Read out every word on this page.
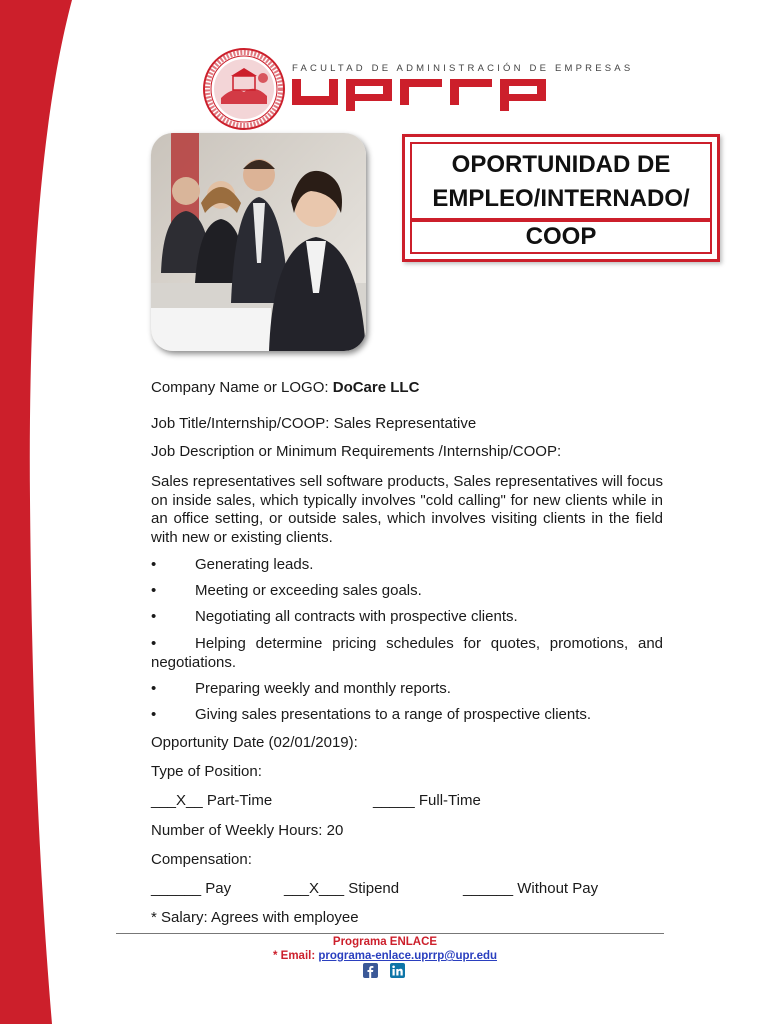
FACULTAD DE ADMINISTRACIÓN DE EMPRESAS
OPORTUNIDAD DE
EMPLEO/INTERNADO/
COOP
Company Name or LOGO: DoCare LLC
Job Title/Internship/COOP: Sales Representative
Job Description or Minimum Requirements /Internship/COOP:
Sales representatives sell software products, Sales representatives will focus on inside sales, which typically involves "cold calling" for new clients while in an office setting, or outside sales, which involves visiting clients in the field with new or existing clients.
•	Generating leads.
•	Meeting or exceeding sales goals.
•	Negotiating all contracts with prospective clients.
•	Helping determine pricing schedules for quotes, promotions, and negotiations.
•	Preparing weekly and monthly reports.
•	Giving sales presentations to a range of prospective clients.
Opportunity Date (02/01/2019):
Type of Position:
___X__ Part-Time	_____ Full-Time
Number of Weekly Hours: 20
Compensation:
______ Pay	___X___ Stipend	______ Without Pay
* Salary: Agrees with employee
Programa ENLACE
* Email: programa-enlace.uprrp@upr.edu
